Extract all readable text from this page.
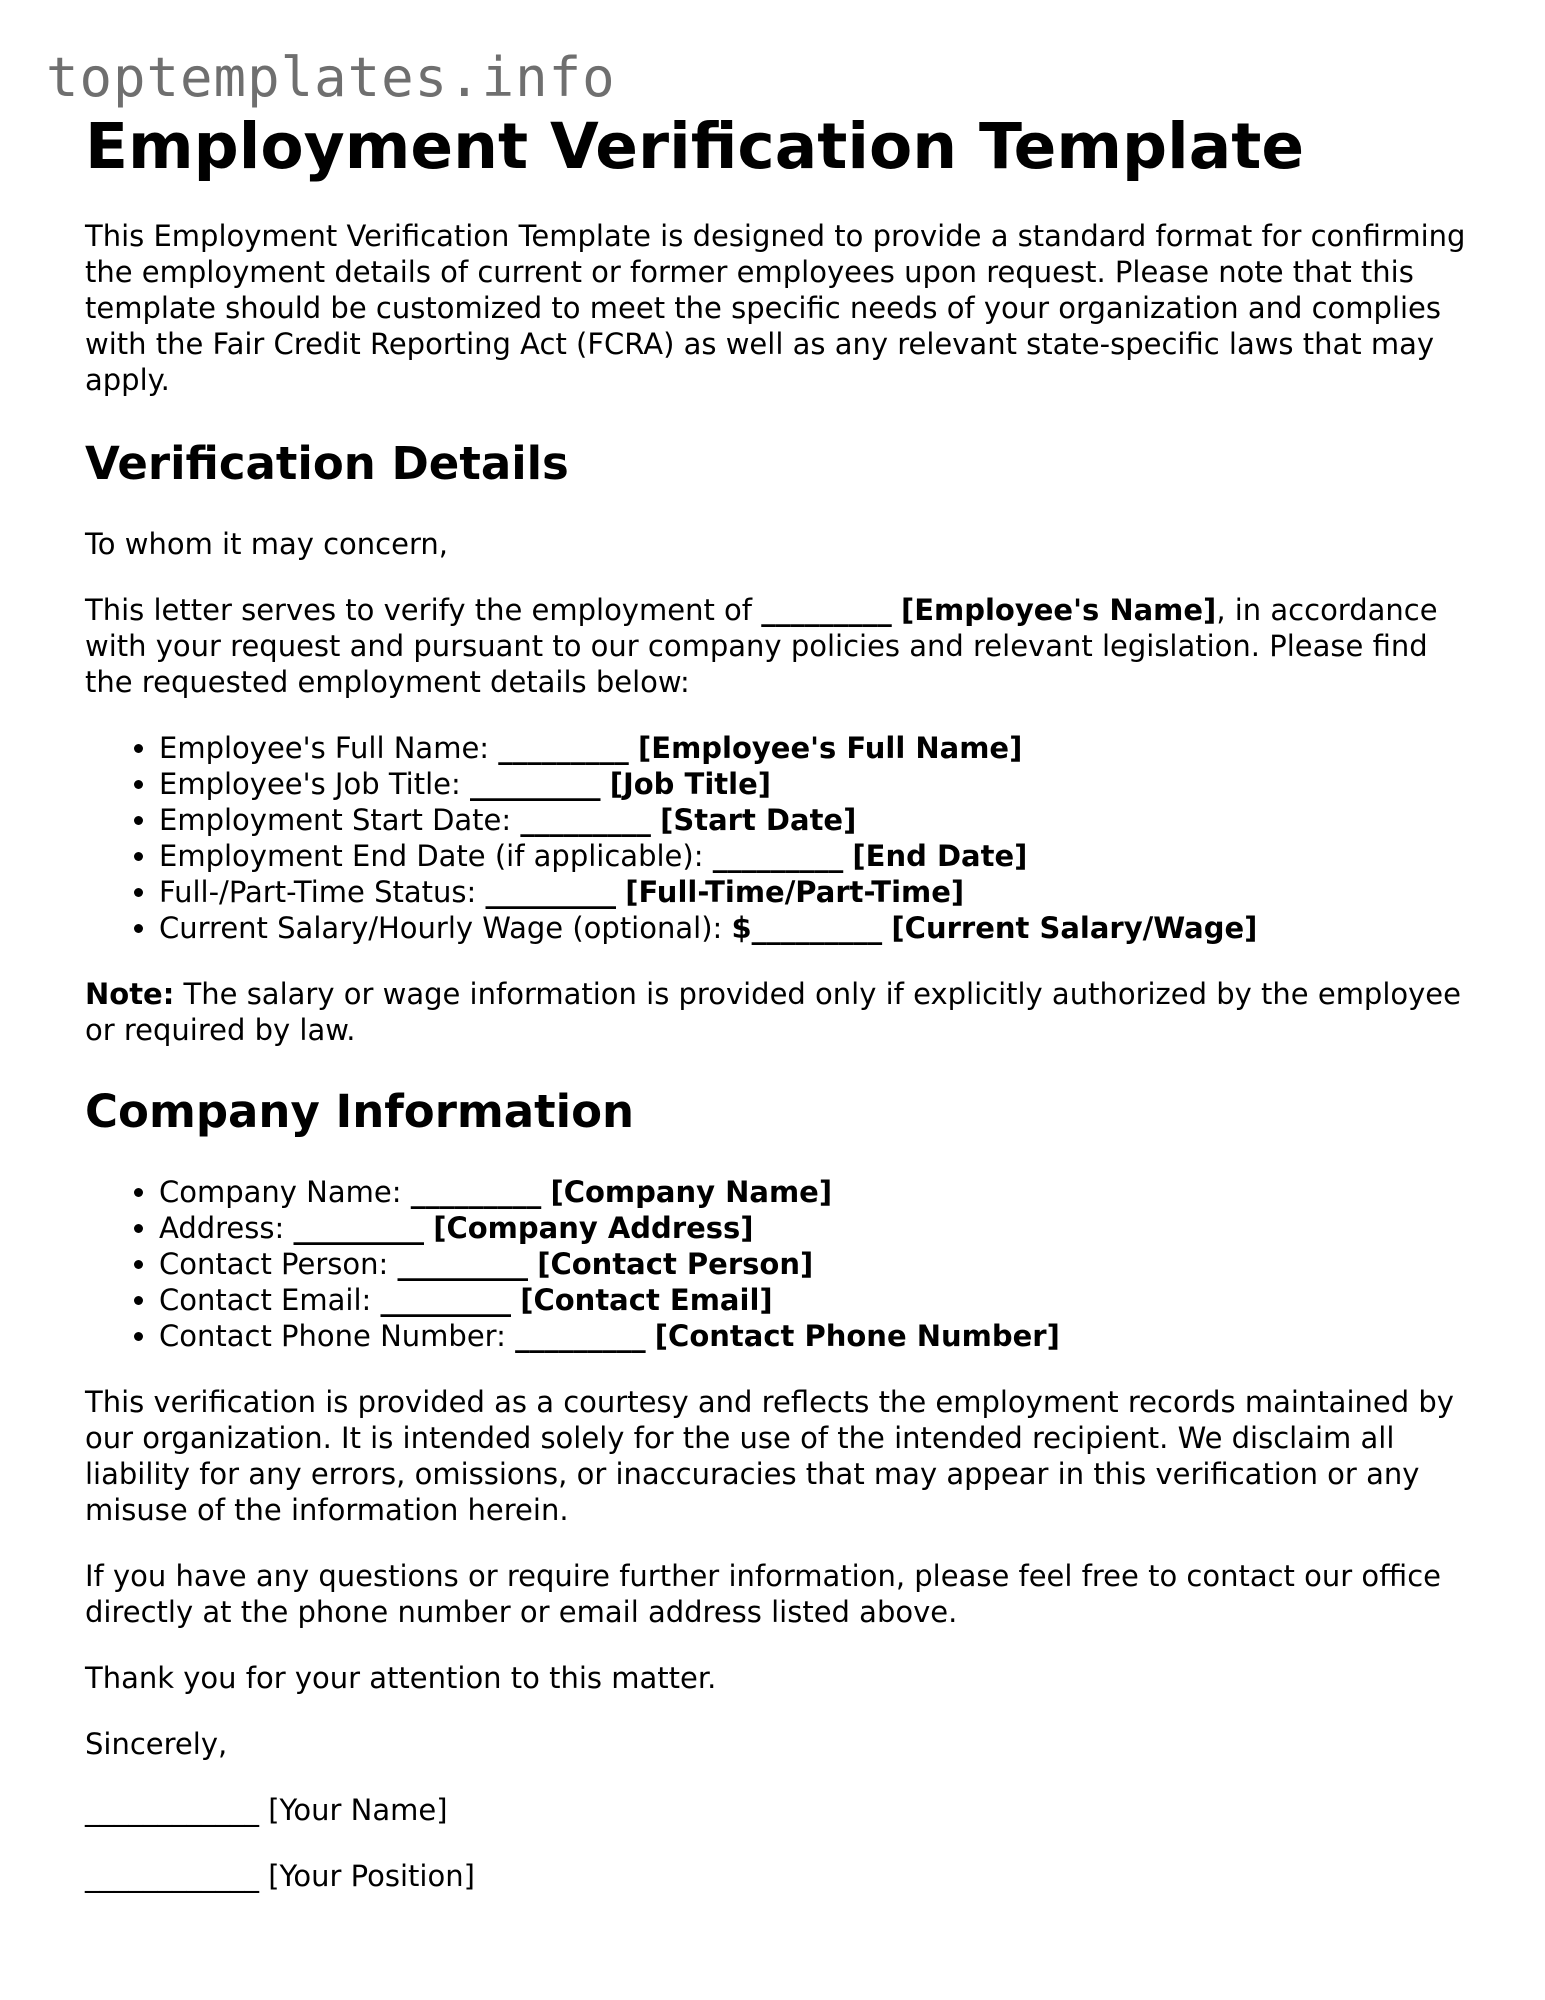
toptemplates.info
Employment Verification Template

This Employment Verification Template is designed to provide a standard format for confirming the employment details of current or former employees upon request. Please note that this template should be customized to meet the specific needs of your organization and complies with the Fair Credit Reporting Act (FCRA) as well as any relevant state-specific laws that may apply.

Verification Details

To whom it may concern,

This letter serves to verify the employment of _________ [Employee's Name], in accordance with your request and pursuant to our company policies and relevant legislation. Please find the requested employment details below:

• Employee's Full Name: _________ [Employee's Full Name]
• Employee's Job Title: _________ [Job Title]
• Employment Start Date: _________ [Start Date]
• Employment End Date (if applicable): _________ [End Date]
• Full-/Part-Time Status: _________ [Full-Time/Part-Time]
• Current Salary/Hourly Wage (optional): $_________ [Current Salary/Wage]

Note: The salary or wage information is provided only if explicitly authorized by the employee or required by law.

Company Information
• Company Name: _________ [Company Name]
• Address: _________ [Company Address]
• Contact Person: _________ [Contact Person]
• Contact Email: _________ [Contact Email]
• Contact Phone Number: _________ [Contact Phone Number]

This verification is provided as a courtesy and reflects the employment records maintained by our organization. It is intended solely for the use of the intended recipient. We disclaim all liability for any errors, omissions, or inaccuracies that may appear in this verification or any misuse of the information herein.

If you have any questions or require further information, please feel free to contact our office directly at the phone number or email address listed above.

Thank you for your attention to this matter.

Sincerely,

____________ [Your Name]

____________ [Your Position]
